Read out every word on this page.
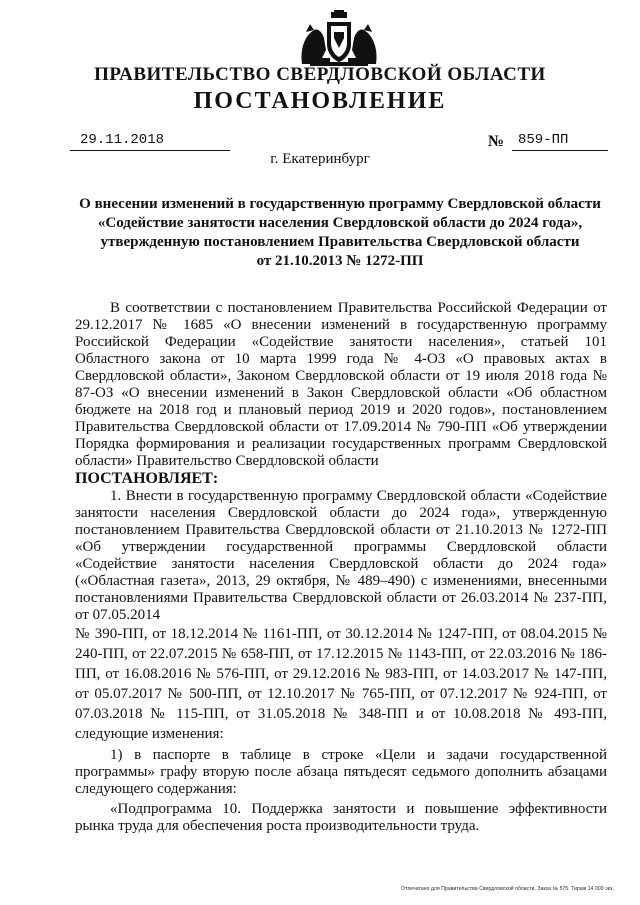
ПРАВИТЕЛЬСТВО СВЕРДЛОВСКОЙ ОБЛАСТИ
ПОСТАНОВЛЕНИЕ
29.11.2018	№ 859-ПП
г. Екатеринбург
О внесении изменений в государственную программу Свердловской области
«Содействие занятости населения Свердловской области до 2024 года»,
утвержденную постановлением Правительства Свердловской области
от 21.10.2013 № 1272-ПП

В соответствии с постановлением Правительства Российской Федерации от 29.12.2017 № 1685 «О внесении изменений в государственную программу Российской Федерации «Содействие занятости населения», статьей 101 Областного закона от 10 марта 1999 года № 4-ОЗ «О правовых актах в Свердловской области», Законом Свердловской области от 19 июля 2018 года № 87-ОЗ «О внесении изменений в Закон Свердловской области «Об областном бюджете на 2018 год и плановый период 2019 и 2020 годов», постановлением Правительства Свердловской области от 17.09.2014 № 790-ПП «Об утверждении Порядка формирования и реализации государственных программ Свердловской области» Правительство Свердловской области

ПОСТАНОВЛЯЕТ:

1. Внести в государственную программу Свердловской области «Содействие занятости населения Свердловской области до 2024 года», утвержденную постановлением Правительства Свердловской области от 21.10.2013 № 1272-ПП «Об утверждении государственной программы Свердловской области «Содействие занятости населения Свердловской области до 2024 года» («Областная газета», 2013, 29 октября, № 489–490) с изменениями, внесенными постановлениями Правительства Свердловской области от 26.03.2014 № 237-ПП, от 07.05.2014

№ 390-ПП, от 18.12.2014 № 1161-ПП, от 30.12.2014 № 1247-ПП, от 08.04.2015 № 240-ПП, от 22.07.2015 № 658-ПП, от 17.12.2015 № 1143-ПП, от 22.03.2016 № 186-ПП, от 16.08.2016 № 576-ПП, от 29.12.2016 № 983-ПП, от 14.03.2017 № 147-ПП, от 05.07.2017 № 500-ПП, от 12.10.2017 № 765-ПП, от 07.12.2017 № 924-ПП, от 07.03.2018 № 115-ПП, от 31.05.2018 № 348-ПП и от 10.08.2018 № 493-ПП, следующие изменения:

1) в паспорте в таблице в строке «Цели и задачи государственной программы» графу вторую после абзаца пятьдесят седьмого дополнить абзацами следующего содержания:

«Подпрограмма 10. Поддержка занятости и повышение эффективности рынка труда для обеспечения роста производительности труда.

Отпечатано для Правительства Свердловской области. Заказ № 575. Тираж 14 000 экз.
